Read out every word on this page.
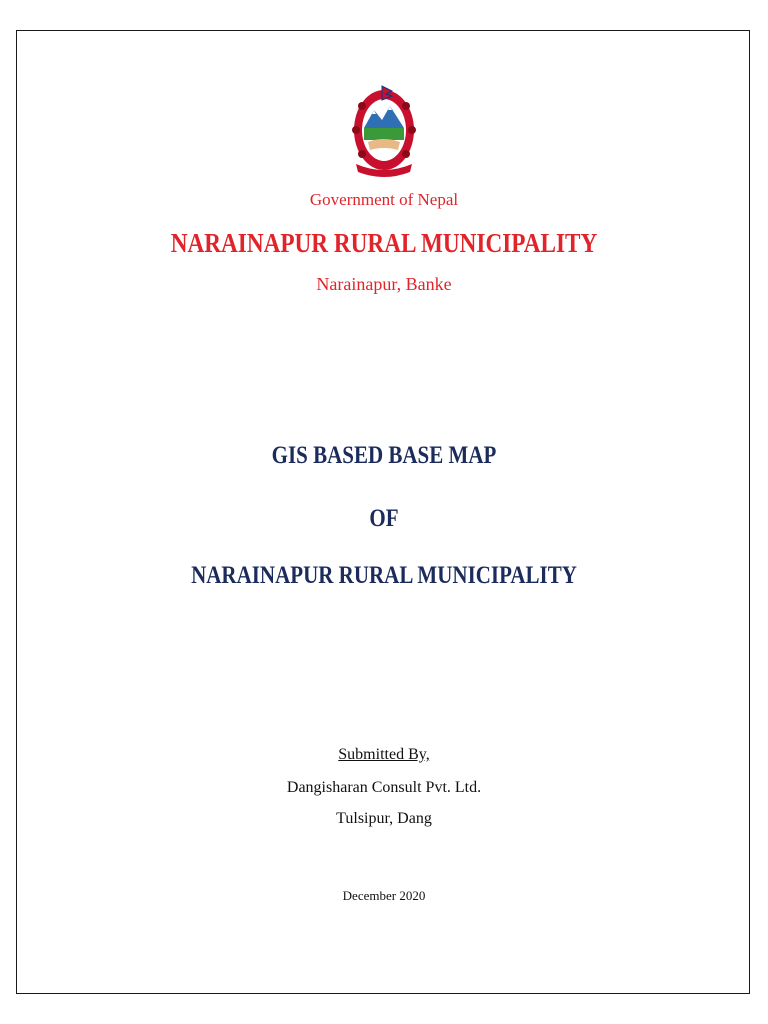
Government of Nepal
NARAINAPUR RURAL MUNICIPALITY
Narainapur, Banke
GIS BASED BASE MAP
OF
NARAINAPUR RURAL MUNICIPALITY
Submitted By,
Dangisharan Consult Pvt. Ltd.
Tulsipur, Dang
December 2020
